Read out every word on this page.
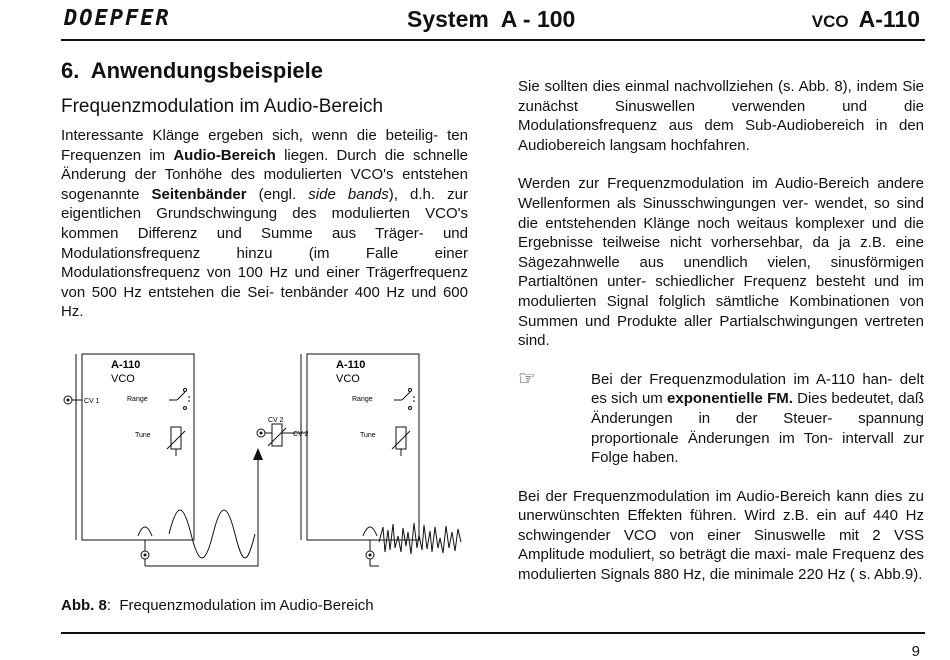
DOEPFER	System  A - 100	VCO A-110
6.  Anwendungsbeispiele
Frequenzmodulation im Audio-Bereich

Interessante Klänge ergeben sich, wenn die beteilig- ten Frequenzen im Audio-Bereich liegen. Durch die schnelle Änderung der Tonhöhe des modulierten VCO's entstehen sogenannte Seitenbänder (engl. side bands), d.h. zur eigentlichen Grundschwingung des modulierten VCO's kommen Differenz und Summe aus Träger- und Modulationsfrequenz hinzu (im Falle einer Modulationsfrequenz von 100 Hz und einer Trägerfrequenz von 500 Hz entstehen die Sei- tenbänder 400 Hz und 600 Hz.

A-110
VCO
CV 1	Range
Tune
A-110
VCO
CV 2
CV 2
Range
Tune
Abb. 8:  Frequenzmodulation im Audio-Bereich

Sie sollten dies einmal nachvollziehen (s. Abb. 8), indem Sie zunächst Sinuswellen verwenden und die Modulationsfrequenz aus dem Sub-Audiobereich in den Audiobereich langsam hochfahren.

Werden zur Frequenzmodulation im Audio-Bereich andere Wellenformen als Sinusschwingungen ver- wendet, so sind die entstehenden Klänge noch weitaus komplexer und die Ergebnisse teilweise nicht vorhersehbar, da ja z.B. eine Sägezahnwelle aus unendlich vielen, sinusförmigen Partialtönen unter- schiedlicher Frequenz besteht und im modulierten Signal folglich sämtliche Kombinationen von Summen und Produkte aller Partialschwingungen vertreten sind.

☞	Bei der Frequenzmodulation im A-110 han- delt es sich um exponentielle FM. Dies bedeutet, daß Änderungen in der Steuer- spannung proportionale Änderungen im Ton- intervall zur Folge haben.

Bei der Frequenzmodulation im Audio-Bereich kann dies zu unerwünschten Effekten führen. Wird z.B. ein auf 440 Hz schwingender VCO von einer Sinuswelle mit 2 VSS Amplitude moduliert, so beträgt die maxi- male Frequenz des modulierten Signals 880 Hz, die minimale 220 Hz ( s. Abb.9).

9
